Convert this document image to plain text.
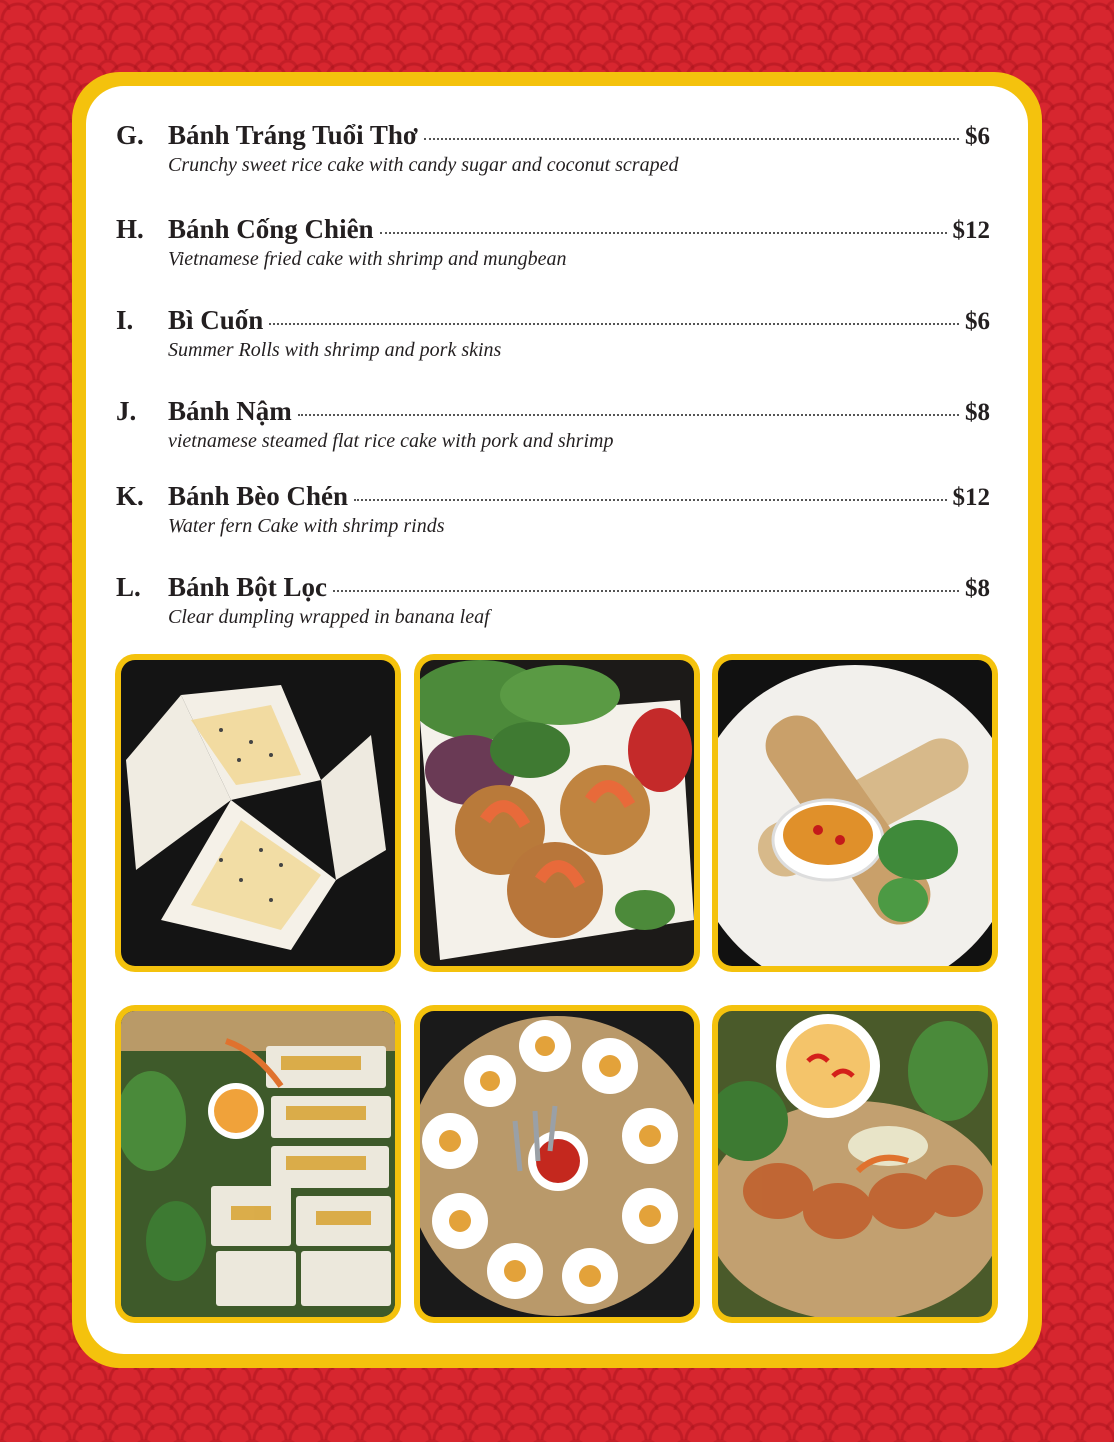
G. Bánh Tráng Tuổi Thơ	$6
Crunchy sweet rice cake with candy sugar and coconut scraped
H. Bánh Cống Chiên	$12
Vietnamese fried cake with shrimp and mungbean
I.	Bì Cuốn	$6
Summer Rolls with shrimp and pork skins
J.	Bánh Nậm	$8
vietnamese steamed flat rice cake with pork and shrimp
K. Bánh Bèo Chén	$12
Water fern Cake with shrimp rinds
L.	Bánh Bột Lọc	$8
Clear dumpling wrapped in banana leaf
